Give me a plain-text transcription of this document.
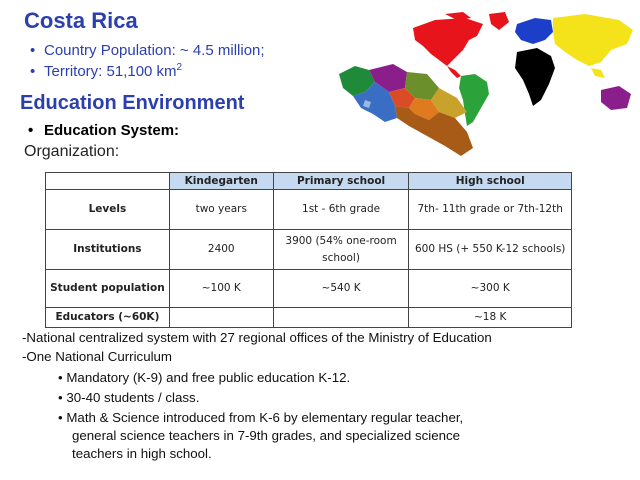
Costa Rica
• Country Population: ~ 4.5 million;
• Territory: 51,100 $km^2$
Education Environment
• Education System:
Organization:
	Kindegarten	Primary school	High school
Levels	two years	1st - 6th grade	7th- 11th grade or 7th-12th
Institutions	2400	3900 (54% one-room school)	600 HS (+ 550 K-12 schools)
Student population	~100 K	~540 K	~300 K
Educators (~60K)			~18 K
-National centralized system with 27 regional offices of the Ministry of Education
-One National Curriculum
• Mandatory (K-9) and free public education K-12.
• 30-40 students / class.
• Math & Science introduced from K-6 by elementary regular teacher,
general science teachers in 7-9th grades, and specialized science
teachers in high school.
